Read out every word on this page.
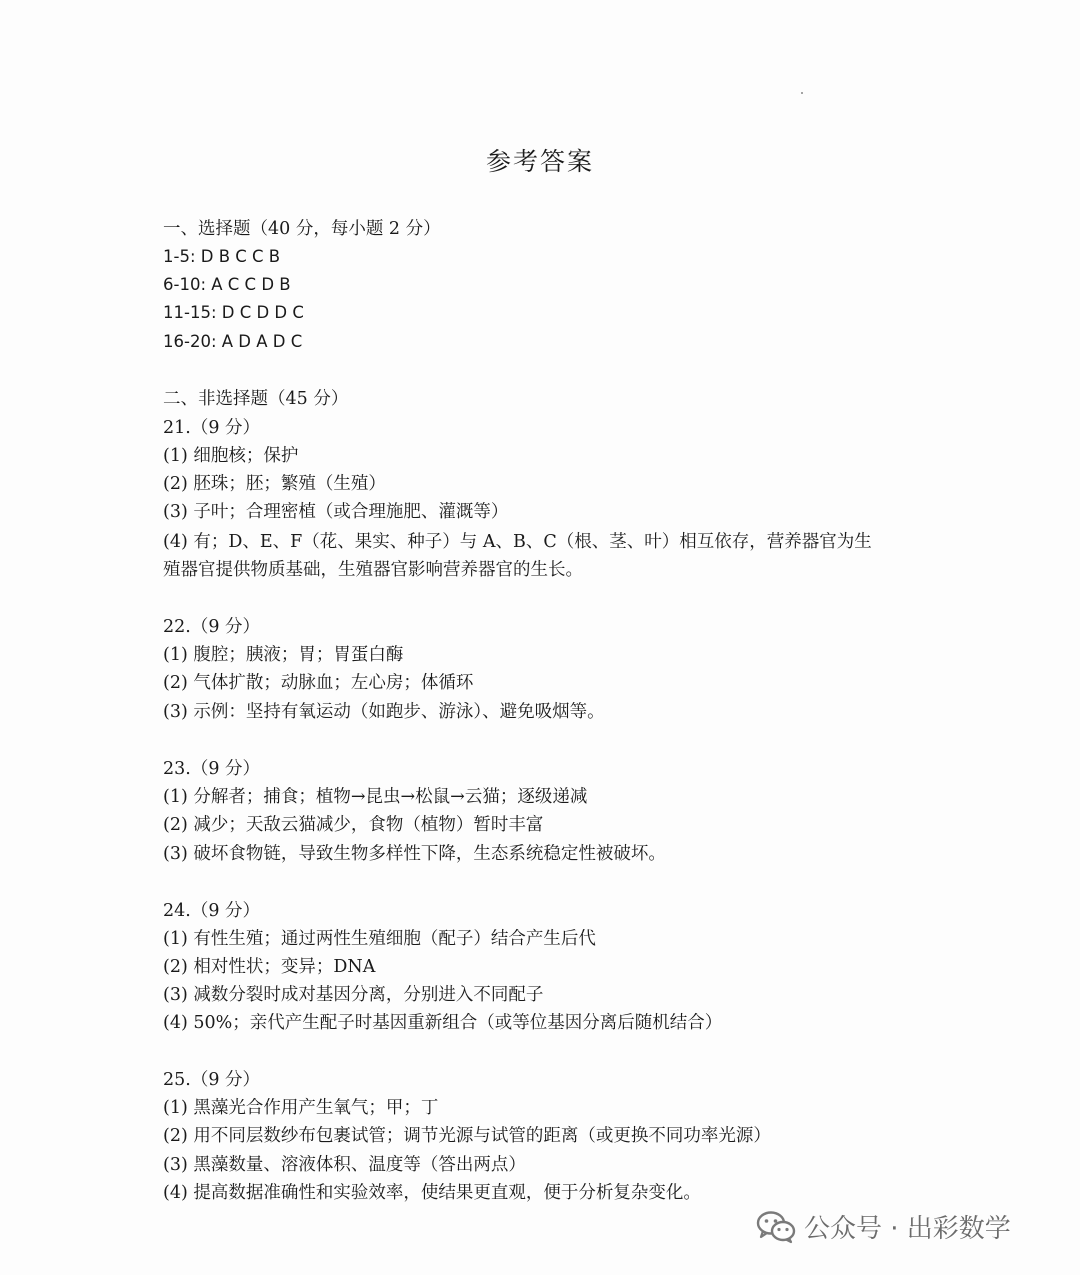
参考答案
一、选择题（40 分，每小题 2 分）
1-5: D B C C B
6-10: A C C D B
11-15: D C D D C
16-20: A D A D C
二、非选择题（45 分）
21.（9 分）
(1) 细胞核；保护
(2) 胚珠；胚；繁殖（生殖）
(3) 子叶；合理密植（或合理施肥、灌溉等）
(4) 有；D、E、F（花、果实、种子）与 A、B、C（根、茎、叶）相互依存，营养器官为生
殖器官提供物质基础，生殖器官影响营养器官的生长。
22.（9 分）
(1) 腹腔；胰液；胃；胃蛋白酶
(2) 气体扩散；动脉血；左心房；体循环
(3) 示例：坚持有氧运动（如跑步、游泳）、避免吸烟等。
23.（9 分）
(1) 分解者；捕食；植物→昆虫→松鼠→云猫；逐级递减
(2) 减少；天敌云猫减少，食物（植物）暂时丰富
(3) 破坏食物链，导致生物多样性下降，生态系统稳定性被破坏。
24.（9 分）
(1) 有性生殖；通过两性生殖细胞（配子）结合产生后代
(2) 相对性状；变异；DNA
(3) 减数分裂时成对基因分离，分别进入不同配子
(4) 50%；亲代产生配子时基因重新组合（或等位基因分离后随机结合）
25.（9 分）
(1) 黑藻光合作用产生氧气；甲；丁
(2) 用不同层数纱布包裹试管；调节光源与试管的距离（或更换不同功率光源）
(3) 黑藻数量、溶液体积、温度等（答出两点）
(4) 提高数据准确性和实验效率，使结果更直观，便于分析复杂变化。
公众号 · 出彩数学
